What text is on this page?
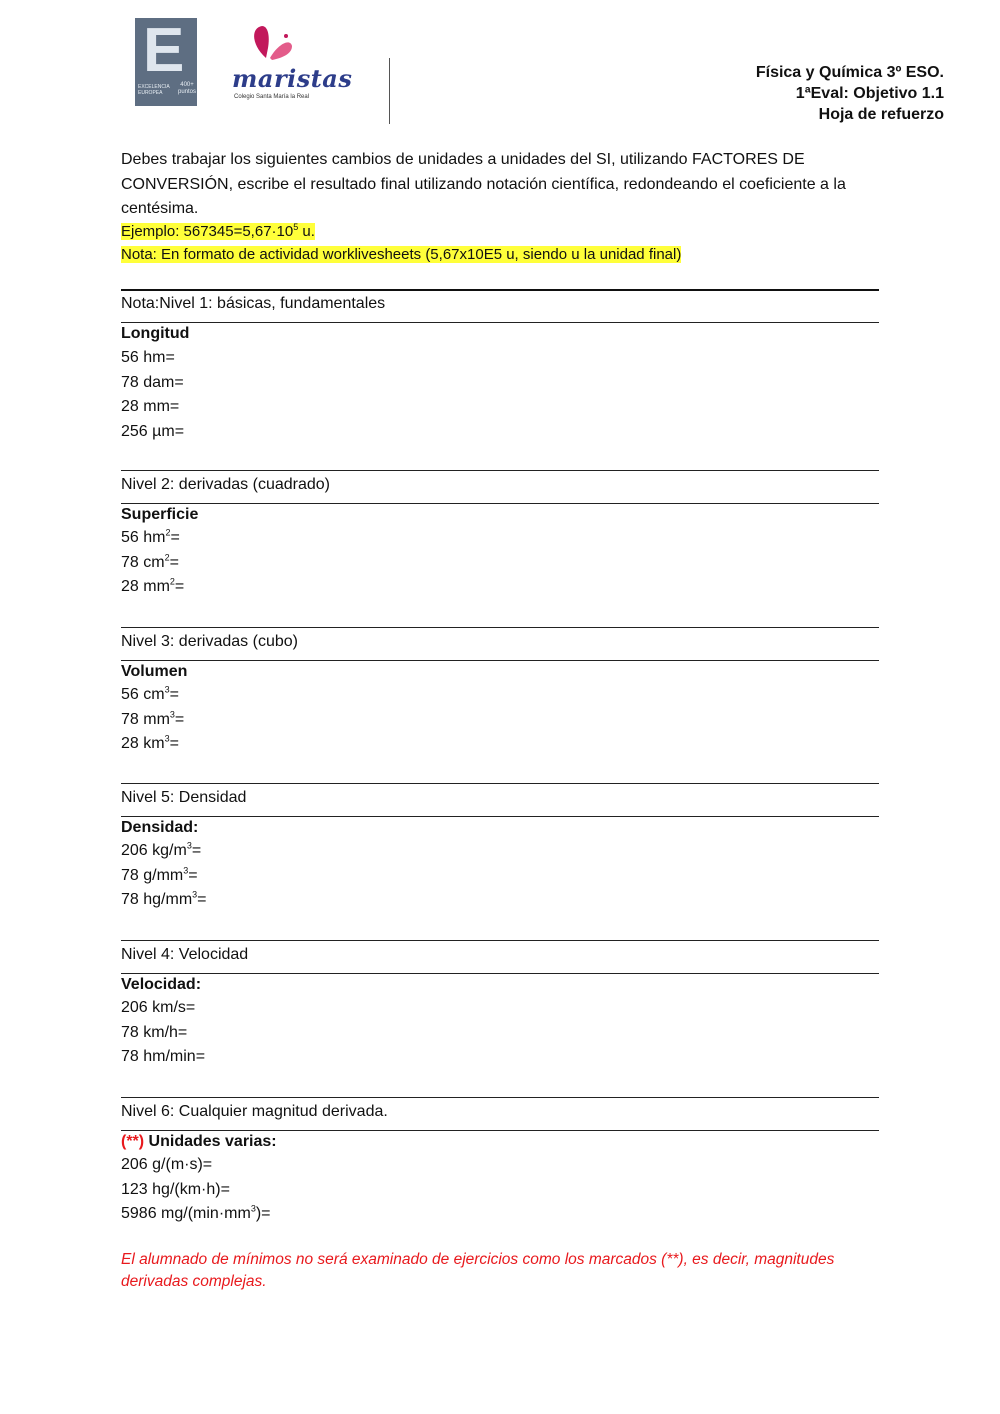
E
EXCELENCIA EUROPEA
400+ puntos maristas
Colegio Santa María la Real
Física y Química 3º ESO.
1ªEval: Objetivo 1.1
Hoja de refuerzo
Debes trabajar los siguientes cambios de unidades a unidades del SI, utilizando FACTORES DE CONVERSIÓN, escribe el resultado final utilizando notación científica, redondeando el coeficiente a la centésima.
Ejemplo: $567345=5,67\cdot 10^5$ u.
Nota: En formato de actividad worklivesheets (5,67x10E5 u, siendo u la unidad final)
Nota:Nivel 1: básicas, fundamentales
Longitud
56 hm=
78 dam=
28 mm=
256 µm=
Nivel 2: derivadas (cuadrado)
Superficie
56 $hm^2=$
78 $cm^2=$
28 $mm^2=$
Nivel 3: derivadas (cubo)
Volumen
56 $cm^3=$
78 $mm^3=$
28 $km^3=$
Nivel 5: Densidad
Densidad:
206 $kg/m^3=$
78 $g/mm^3=$
78 $hg/mm^3=$
Nivel 4: Velocidad
Velocidad:
206 km/s=
78 km/h=
78 hm/min=
Nivel 6: Cualquier magnitud derivada.
(**) Unidades varias:
206 g/(m·s)=
123 hg/(km·h)=
5986 $mg/(\min\cdot mm^3)=$
El alumnado de mínimos no será examinado de ejercicios como los marcados (**), es decir, magnitudes derivadas complejas.
